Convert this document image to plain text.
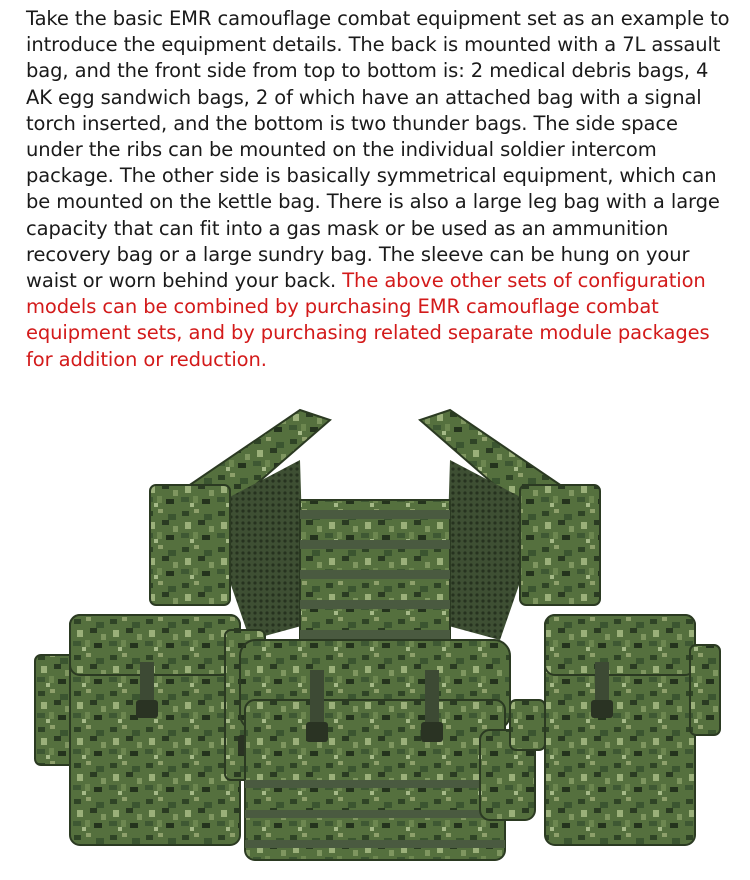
Take the basic EMR camouflage combat equipment set as an example to introduce the equipment details. The back is mounted with a 7L assault bag, and the front side from top to bottom is: 2 medical debris bags, 4 AK egg sandwich bags, 2 of which have an attached bag with a signal torch inserted, and the bottom is two thunder bags. The side space under the ribs can be mounted on the individual soldier intercom package. The other side is basically symmetrical equipment, which can be mounted on the kettle bag. There is also a large leg bag with a large capacity that can fit into a gas mask or be used as an ammunition recovery bag or a large sundry bag. The sleeve can be hung on your waist or worn behind your back. The above other sets of configuration models can be combined by purchasing EMR camouflage combat equipment sets, and by purchasing related separate module packages for addition or reduction.
